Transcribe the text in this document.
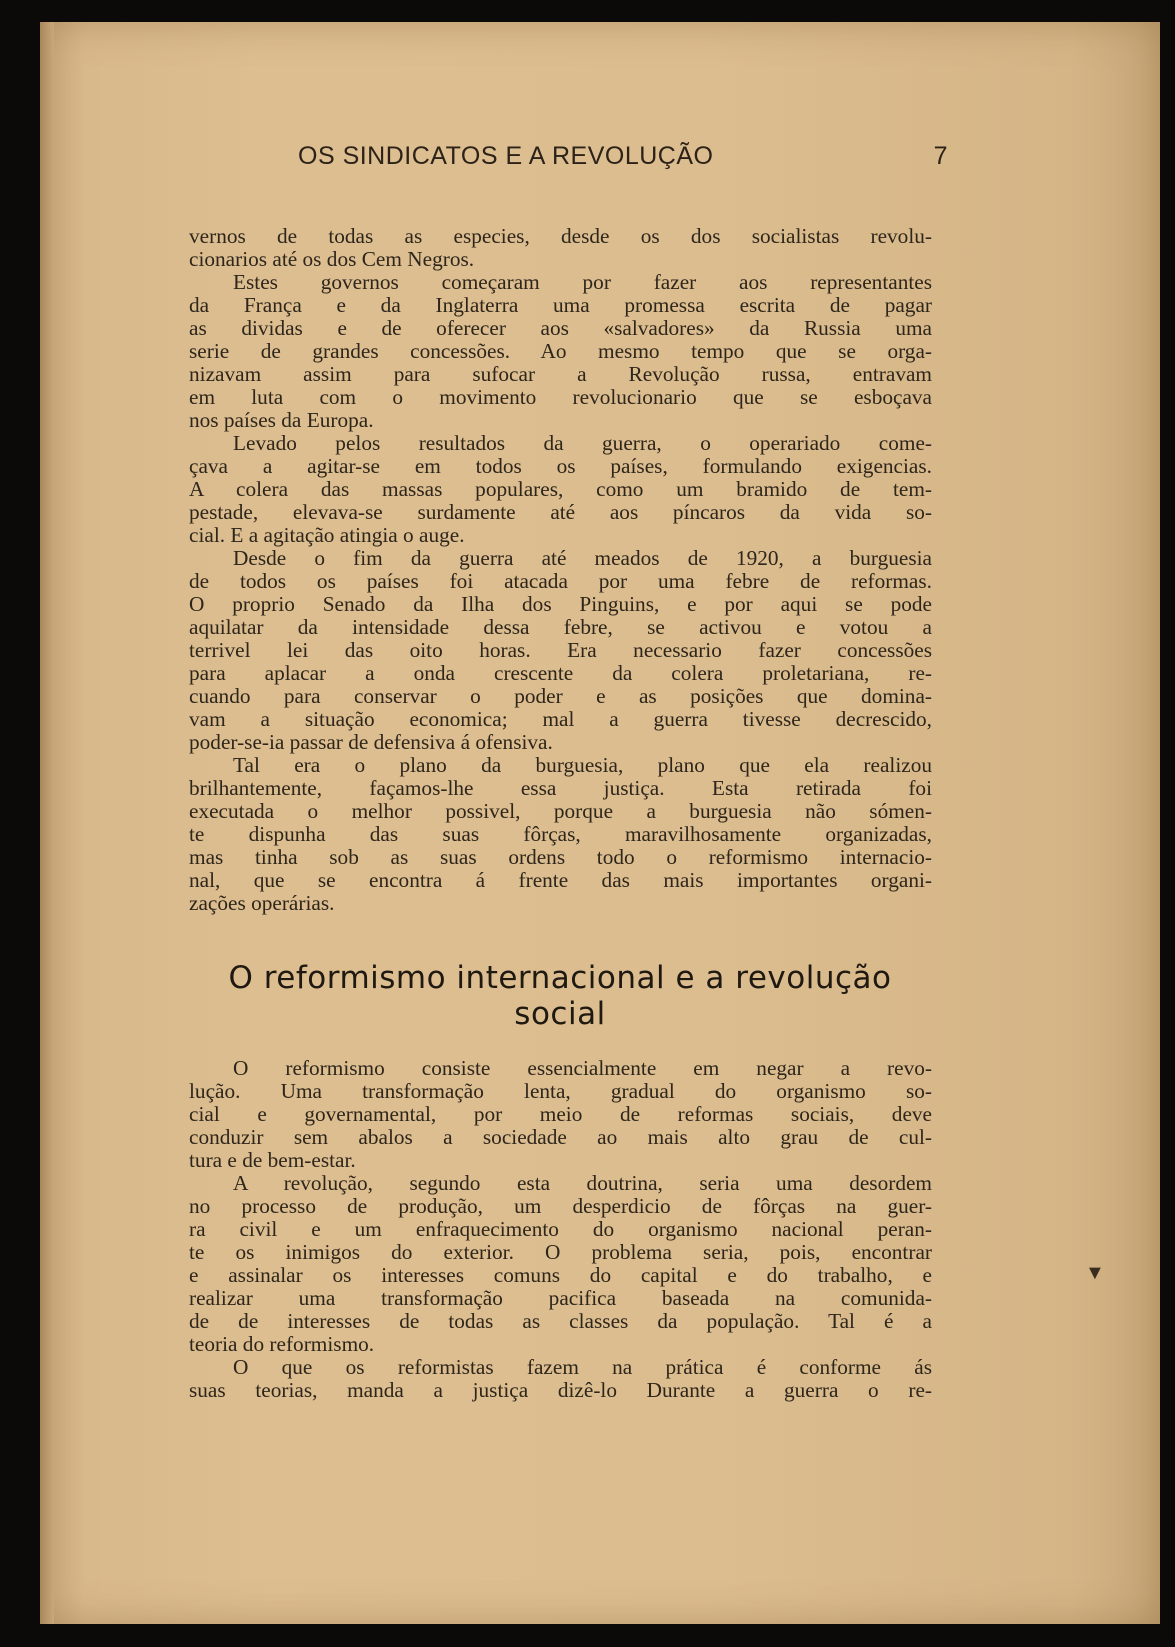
OS SINDICATOS E A REVOLUÇÃO	7
vernos de todas as especies, desde os dos socialistas revolu-
cionarios até os dos Cem Negros.
Estes governos começaram por fazer aos representantes
da França e da Inglaterra uma promessa escrita de pagar
as dividas e de oferecer aos «salvadores» da Russia uma
serie de grandes concessões. Ao mesmo tempo que se orga-
nizavam assim para sufocar a Revolução russa, entravam
em luta com o movimento revolucionario que se esboçava
nos países da Europa.
Levado pelos resultados da guerra, o operariado come-
çava a agitar-se em todos os países, formulando exigencias.
A colera das massas populares, como um bramido de tem-
pestade, elevava-se surdamente até aos píncaros da vida so-
cial. E a agitação atingia o auge.
Desde o fim da guerra até meados de 1920, a burguesia
de todos os países foi atacada por uma febre de reformas.
O proprio Senado da Ilha dos Pinguins, e por aqui se pode
aquilatar da intensidade dessa febre, se activou e votou a
terrivel lei das oito horas. Era necessario fazer concessões
para aplacar a onda crescente da colera proletariana, re-
cuando para conservar o poder e as posições que domina-
vam a situação economica; mal a guerra tivesse decrescido,
poder-se-ia passar de defensiva á ofensiva.
Tal era o plano da burguesia, plano que ela realizou
brilhantemente, façamos-lhe essa justiça. Esta retirada foi
executada o melhor possivel, porque a burguesia não sómen-
te dispunha das suas fôrças, maravilhosamente organizadas,
mas tinha sob as suas ordens todo o reformismo internacio-
nal, que se encontra á frente das mais importantes organi-
zações operárias.
O reformismo internacional e a revolução
social
O reformismo consiste essencialmente em negar a revo-
lução. Uma transformação lenta, gradual do organismo so-
cial e governamental, por meio de reformas sociais, deve
conduzir sem abalos a sociedade ao mais alto grau de cul-
tura e de bem-estar.
A revolução, segundo esta doutrina, seria uma desordem
no processo de produção, um desperdicio de fôrças na guer-
ra civil e um enfraquecimento do organismo nacional peran-
te os inimigos do exterior. O problema seria, pois, encontrar
e assinalar os interesses comuns do capital e do trabalho, e
realizar uma transformação pacifica baseada na comunida-
de de interesses de todas as classes da população. Tal é a
teoria do reformismo.
O que os reformistas fazem na prática é conforme ás
suas teorias, manda a justiça dizê-lo Durante a guerra o re-
▼
